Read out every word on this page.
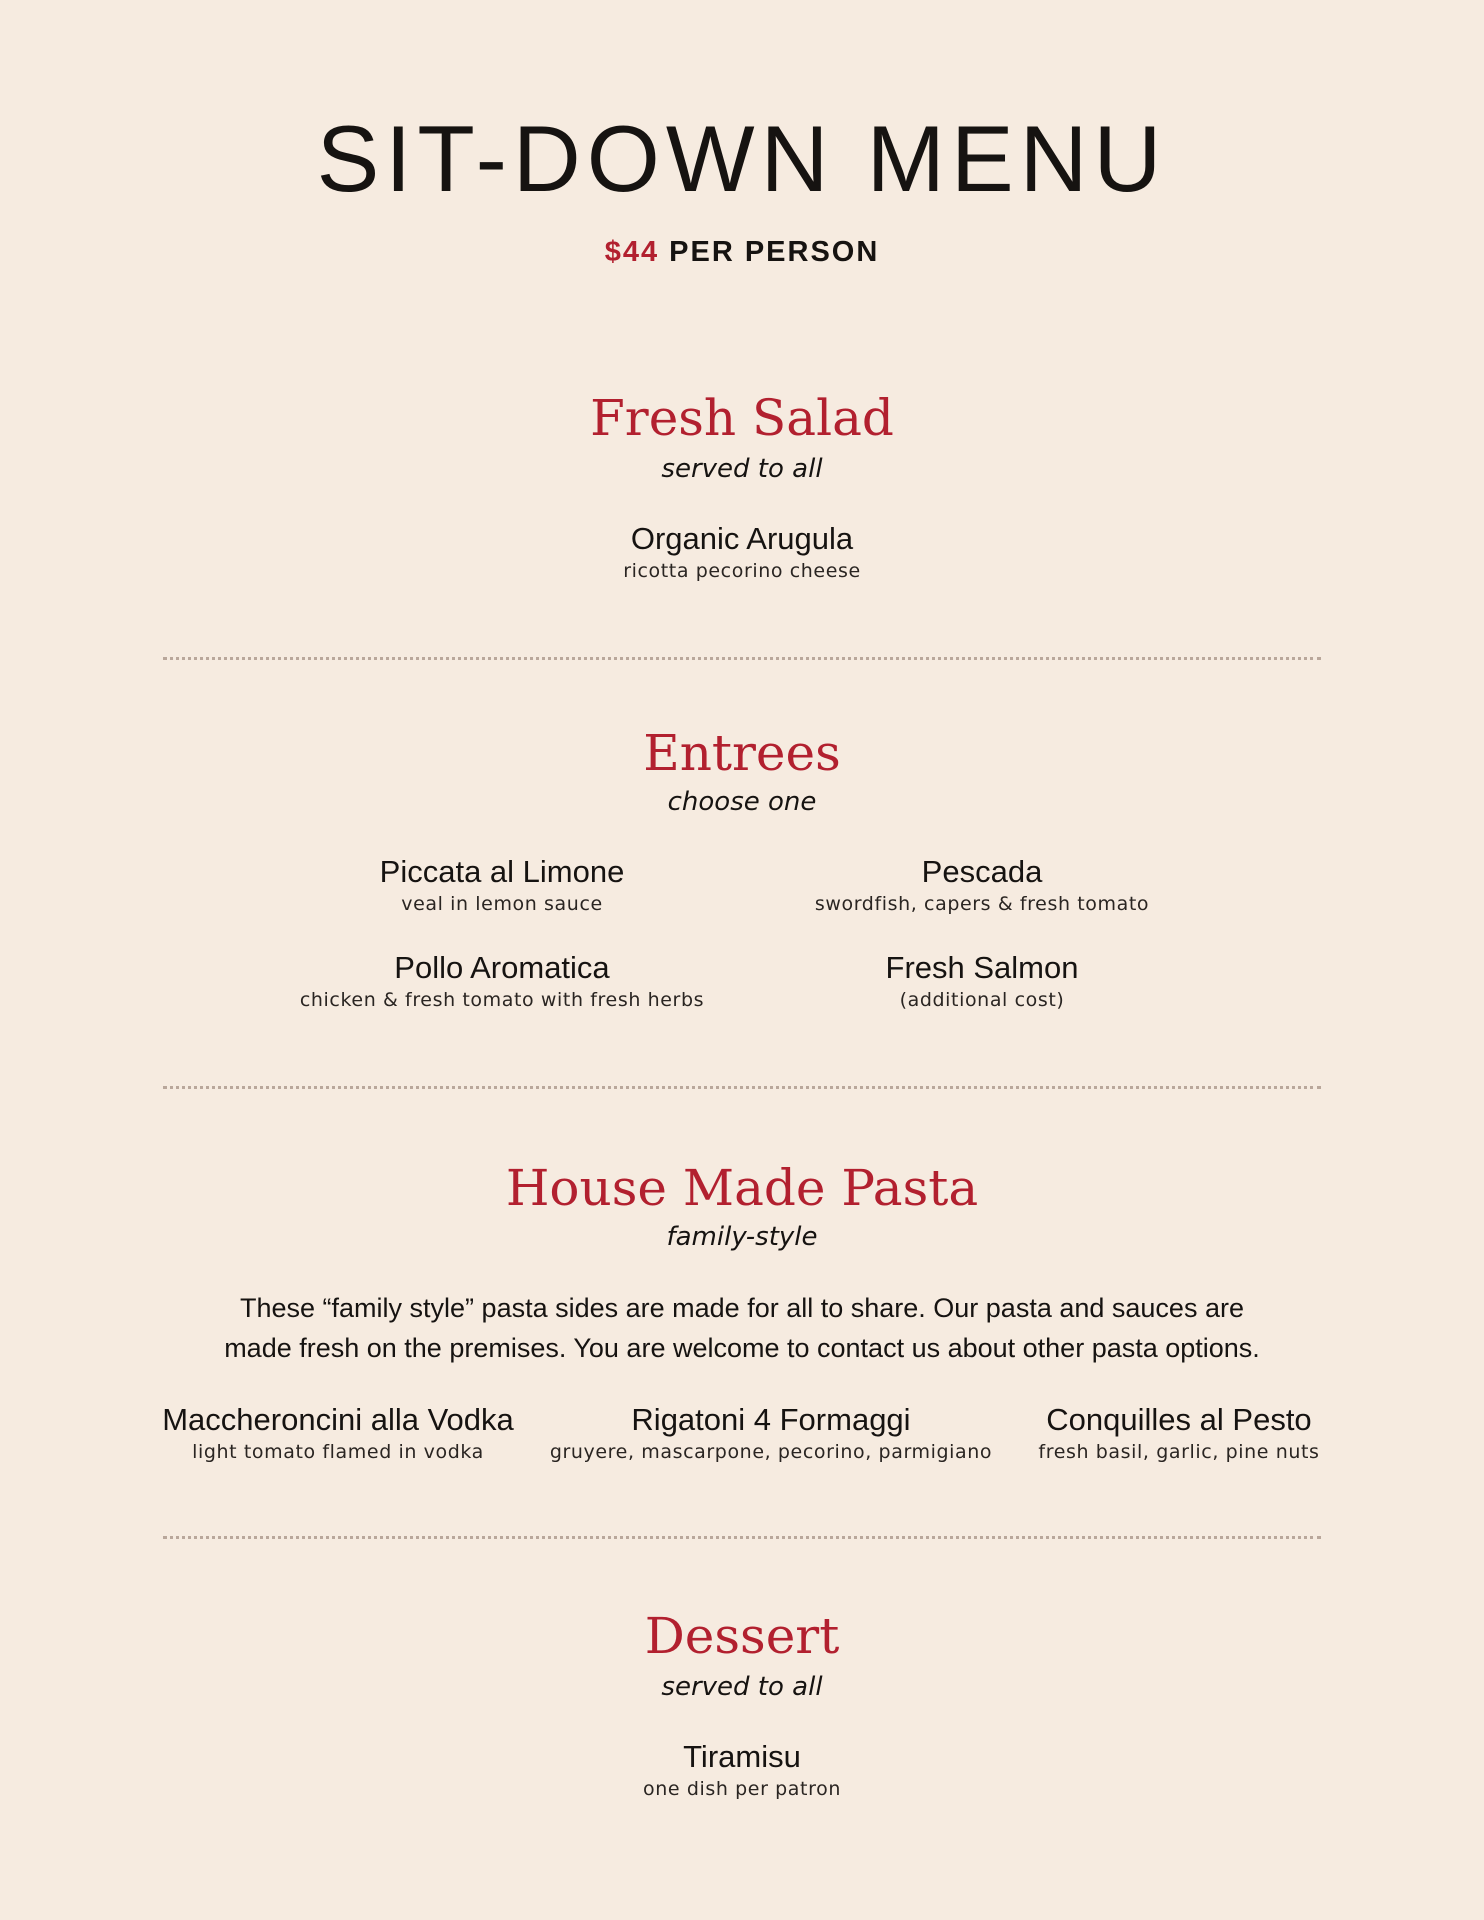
SIT-DOWN MENU
$44 PER PERSON
Fresh Salad
served to all
Organic Arugula
ricotta pecorino cheese
Entrees
choose one
Piccata al Limone
veal in lemon sauce
Pescada
swordfish, capers & fresh tomato
Pollo Aromatica
chicken & fresh tomato with fresh herbs
Fresh Salmon
(additional cost)
House Made Pasta
family-style
These “family style” pasta sides are made for all to share. Our pasta and sauces are
made fresh on the premises. You are welcome to contact us about other pasta options.
Maccheroncini alla Vodka
light tomato flamed in vodka
Rigatoni 4 Formaggi
gruyere, mascarpone, pecorino, parmigiano
Conquilles al Pesto
fresh basil, garlic, pine nuts
Dessert
served to all
Tiramisu
one dish per patron
